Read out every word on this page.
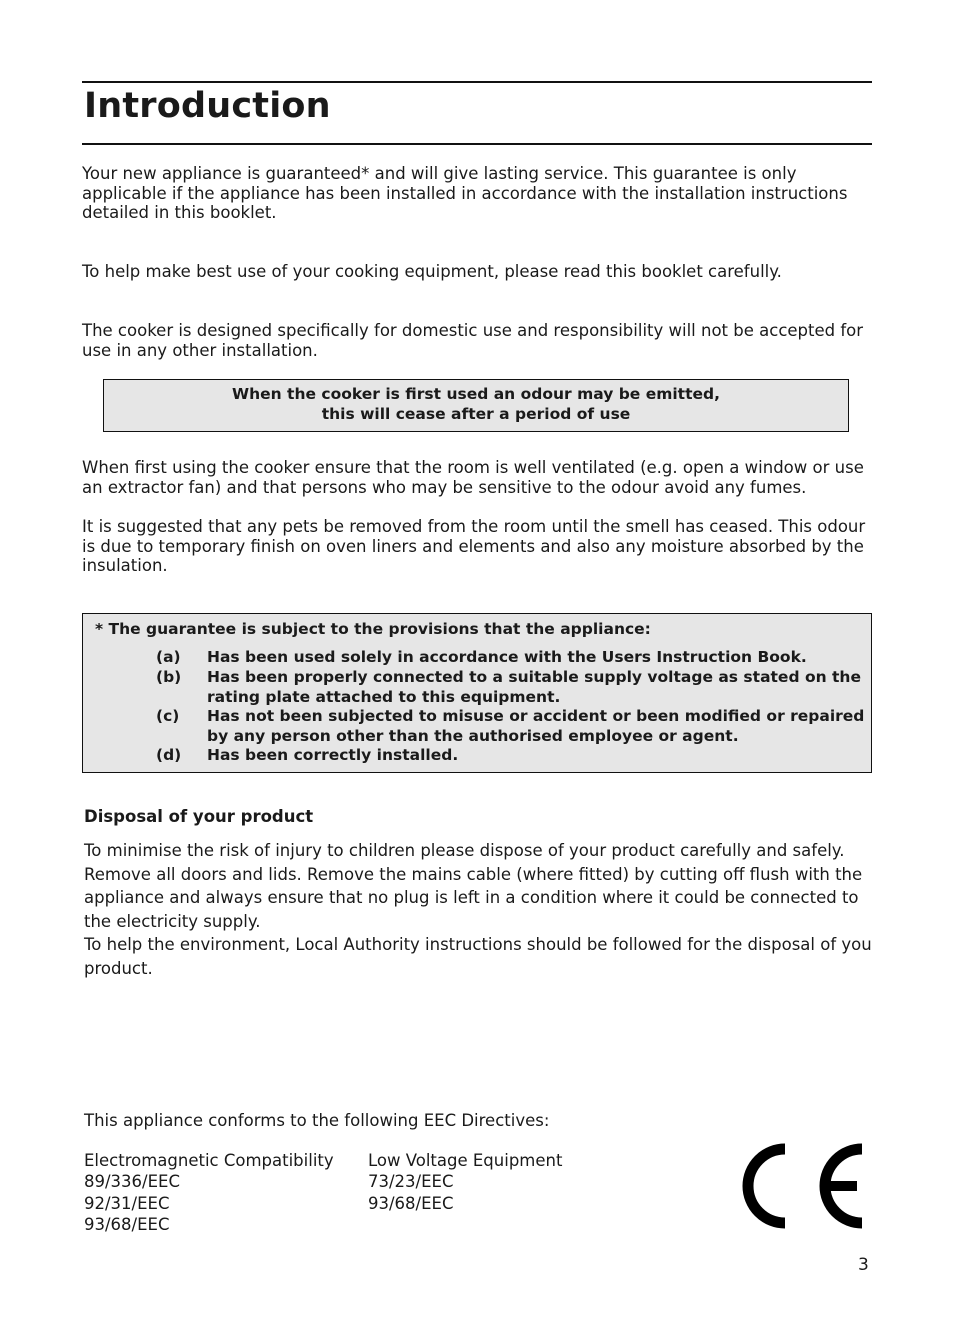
Introduction

Your new appliance is guaranteed* and will give lasting service. This guarantee is only applicable if the appliance has been installed in accordance with the installation instructions detailed in this booklet.

To help make best use of your cooking equipment, please read this booklet carefully.

The cooker is designed specifically for domestic use and responsibility will not be accepted for use in any other installation.

When the cooker is first used an odour may be emitted,
this will cease after a period of use

When first using the cooker ensure that the room is well ventilated (e.g. open a window or use an extractor fan) and that persons who may be sensitive to the odour avoid any fumes.

It is suggested that any pets be removed from the room until the smell has ceased. This odour is due to temporary finish on oven liners and elements and also any moisture absorbed by the insulation.

* The guarantee is subject to the provisions that the appliance:
(a) Has been used solely in accordance with the Users Instruction Book.
(b) Has been properly connected to a suitable supply voltage as stated on the rating plate attached to this equipment.
(c) Has not been subjected to misuse or accident or been modified or repaired by any person other than the authorised employee or agent.
(d) Has been correctly installed.
Disposal of your product

To minimise the risk of injury to children please dispose of your product carefully and safely. Remove all doors and lids. Remove the mains cable (where fitted) by cutting off flush with the appliance and always ensure that no plug is left in a condition where it could be connected to the electricity supply.

To help the environment, Local Authority instructions should be followed for the disposal of you product.

This appliance conforms to the following EEC Directives:
Electromagnetic Compatibility
89/336/EEC
92/31/EEC
93/68/EEC
Low Voltage Equipment
73/23/EEC
93/68/EEC
3
